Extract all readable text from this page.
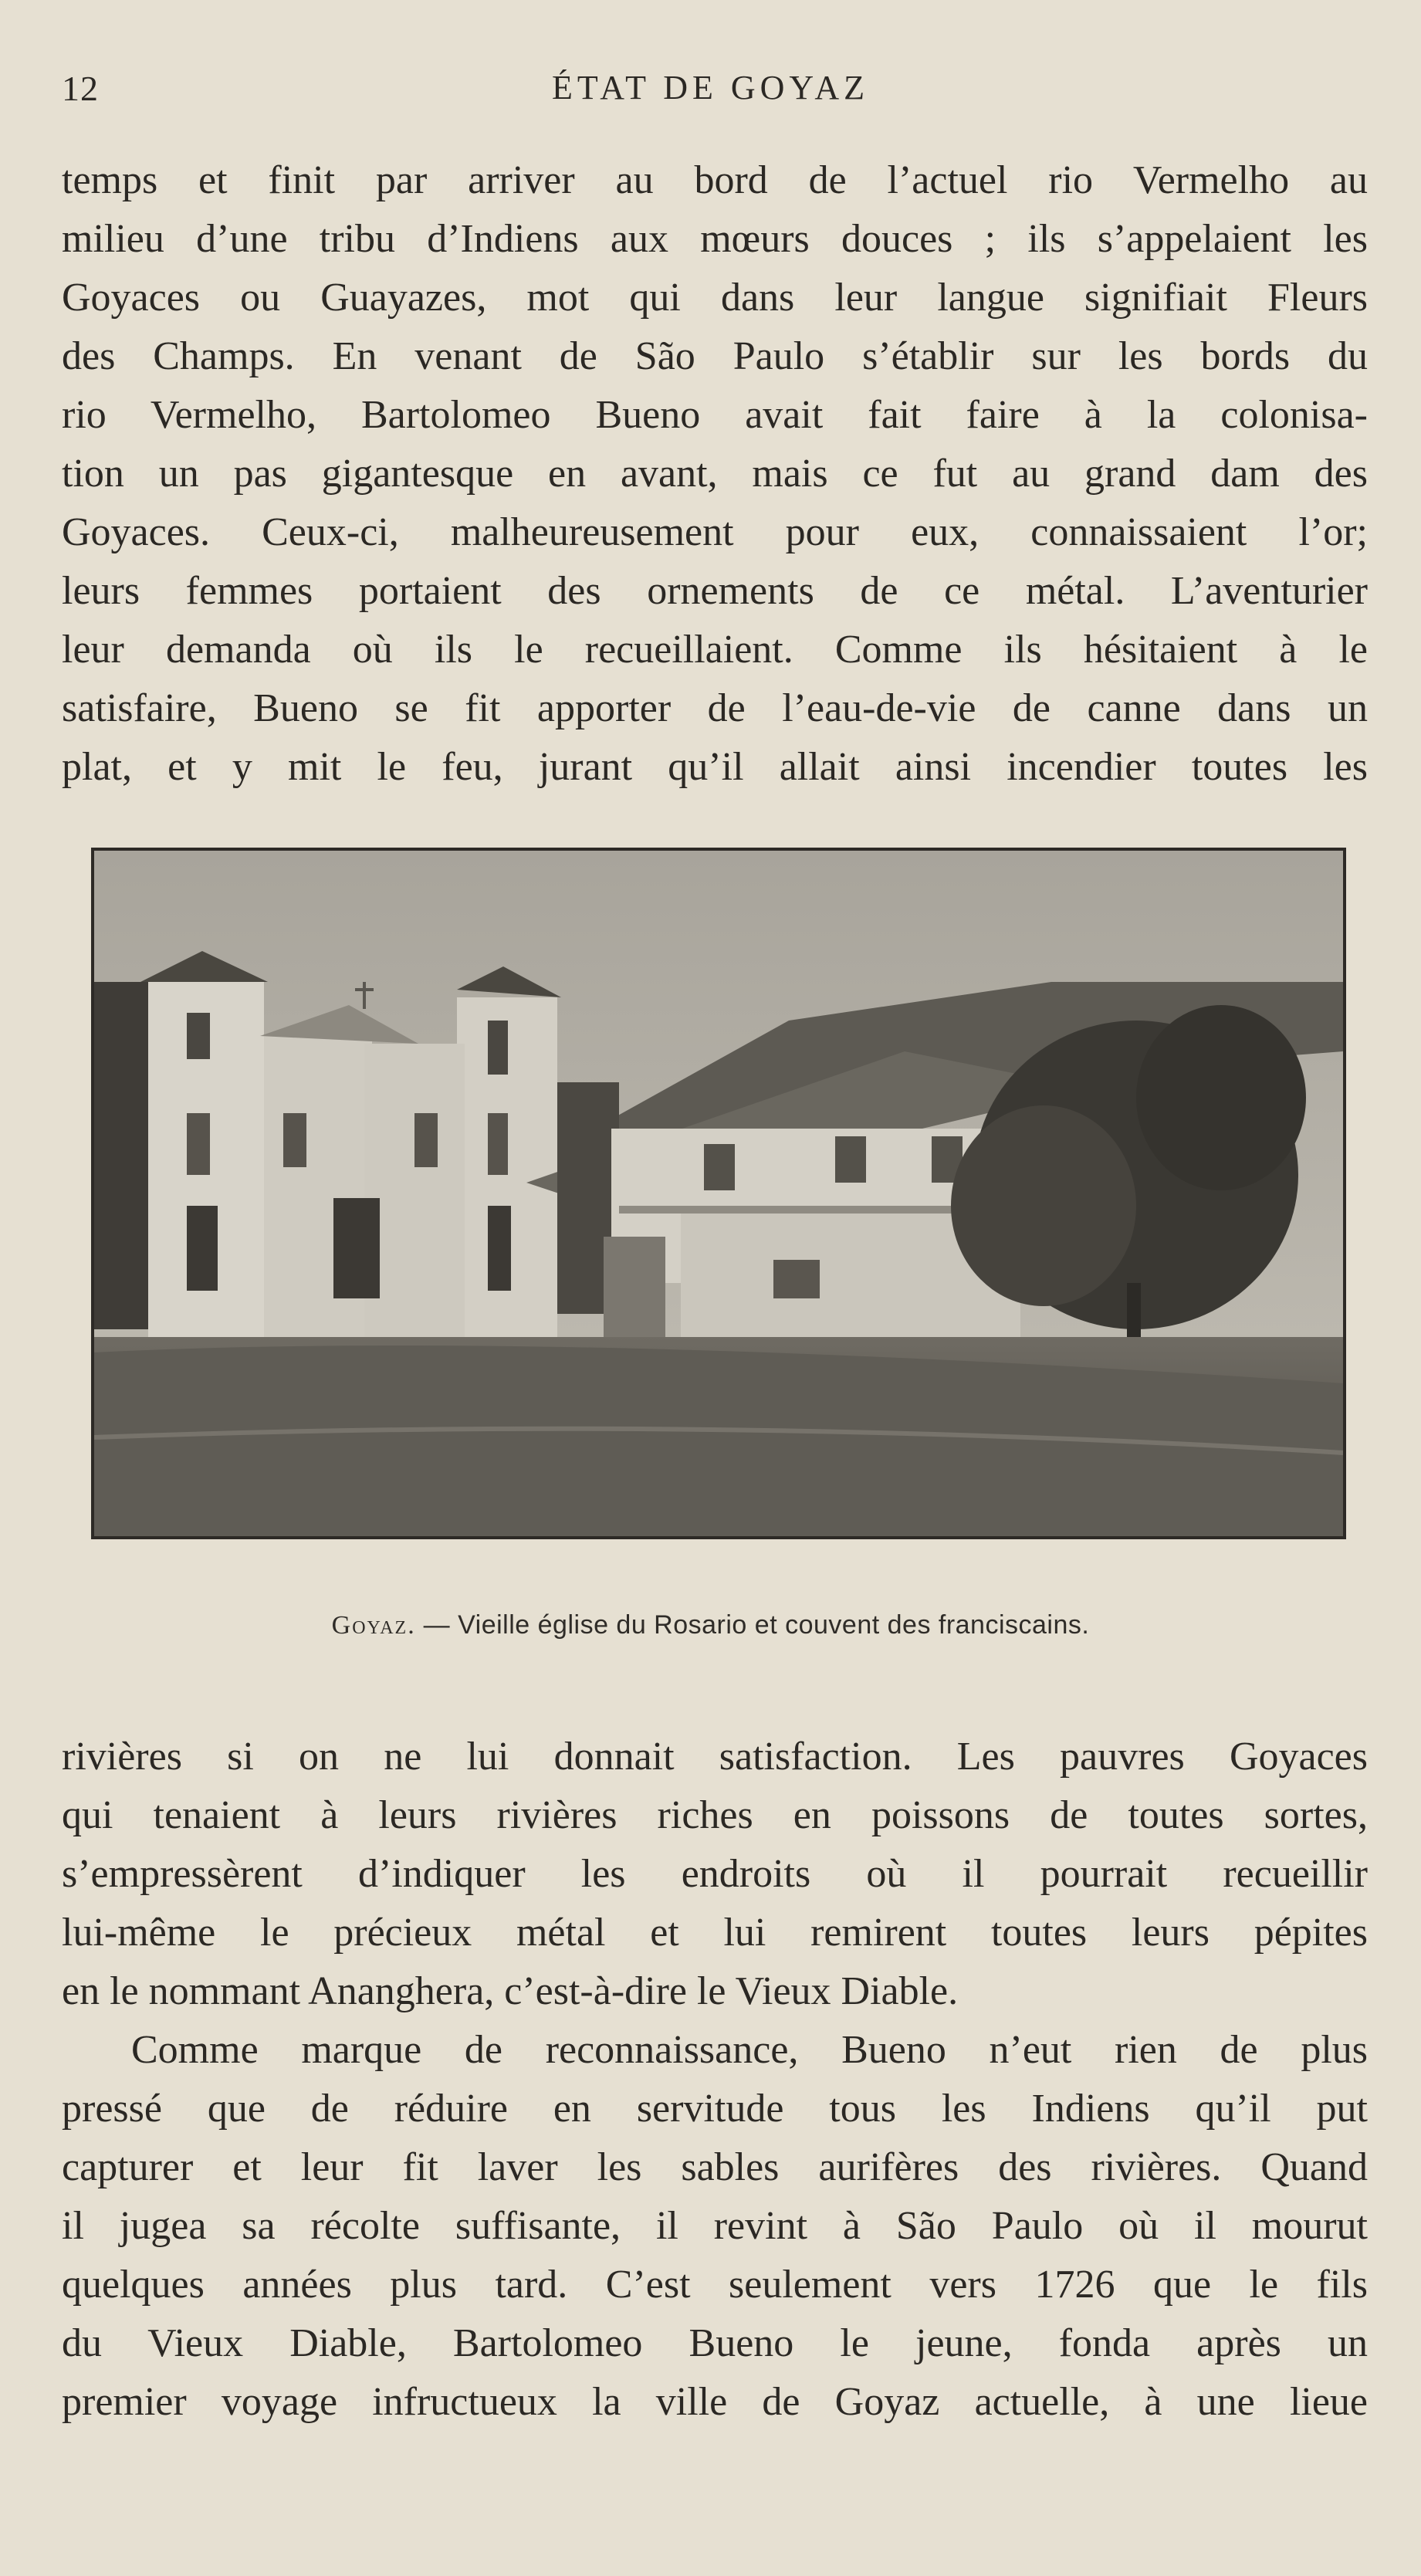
12	ÉTAT DE GOYAZ

temps et finit par arriver au bord de l’actuel rio Vermelho au

milieu d’une tribu d’Indiens aux mœurs douces ; ils s’appelaient les

Goyaces ou Guayazes, mot qui dans leur langue signifiait Fleurs

des Champs. En venant de São Paulo s’établir sur les bords du

rio Vermelho, Bartolomeo Bueno avait fait faire à la colonisa-

tion un pas gigantesque en avant, mais ce fut au grand dam des

Goyaces. Ceux-ci, malheureusement pour eux, connaissaient l’or;

leurs femmes portaient des ornements de ce métal. L’aventurier

leur demanda où ils le recueillaient. Comme ils hésitaient à le

satisfaire, Bueno se fit apporter de l’eau-de-vie de canne dans un

plat, et y mit le feu, jurant qu’il allait ainsi incendier toutes les

Goyaz. — Vieille église du Rosario et couvent des franciscains.

rivières si on ne lui donnait satisfaction. Les pauvres Goyaces

qui tenaient à leurs rivières riches en poissons de toutes sortes,

s’empressèrent d’indiquer les endroits où il pourrait recueillir

lui-même le précieux métal et lui remirent toutes leurs pépites

en le nommant Ananghera, c’est-à-dire le Vieux Diable.

Comme marque de reconnaissance, Bueno n’eut rien de plus

pressé que de réduire en servitude tous les Indiens qu’il put

capturer et leur fit laver les sables aurifères des rivières. Quand

il jugea sa récolte suffisante, il revint à São Paulo où il mourut

quelques années plus tard. C’est seulement vers 1726 que le fils

du Vieux Diable, Bartolomeo Bueno le jeune, fonda après un

premier voyage infructueux la ville de Goyaz actuelle, à une lieue
